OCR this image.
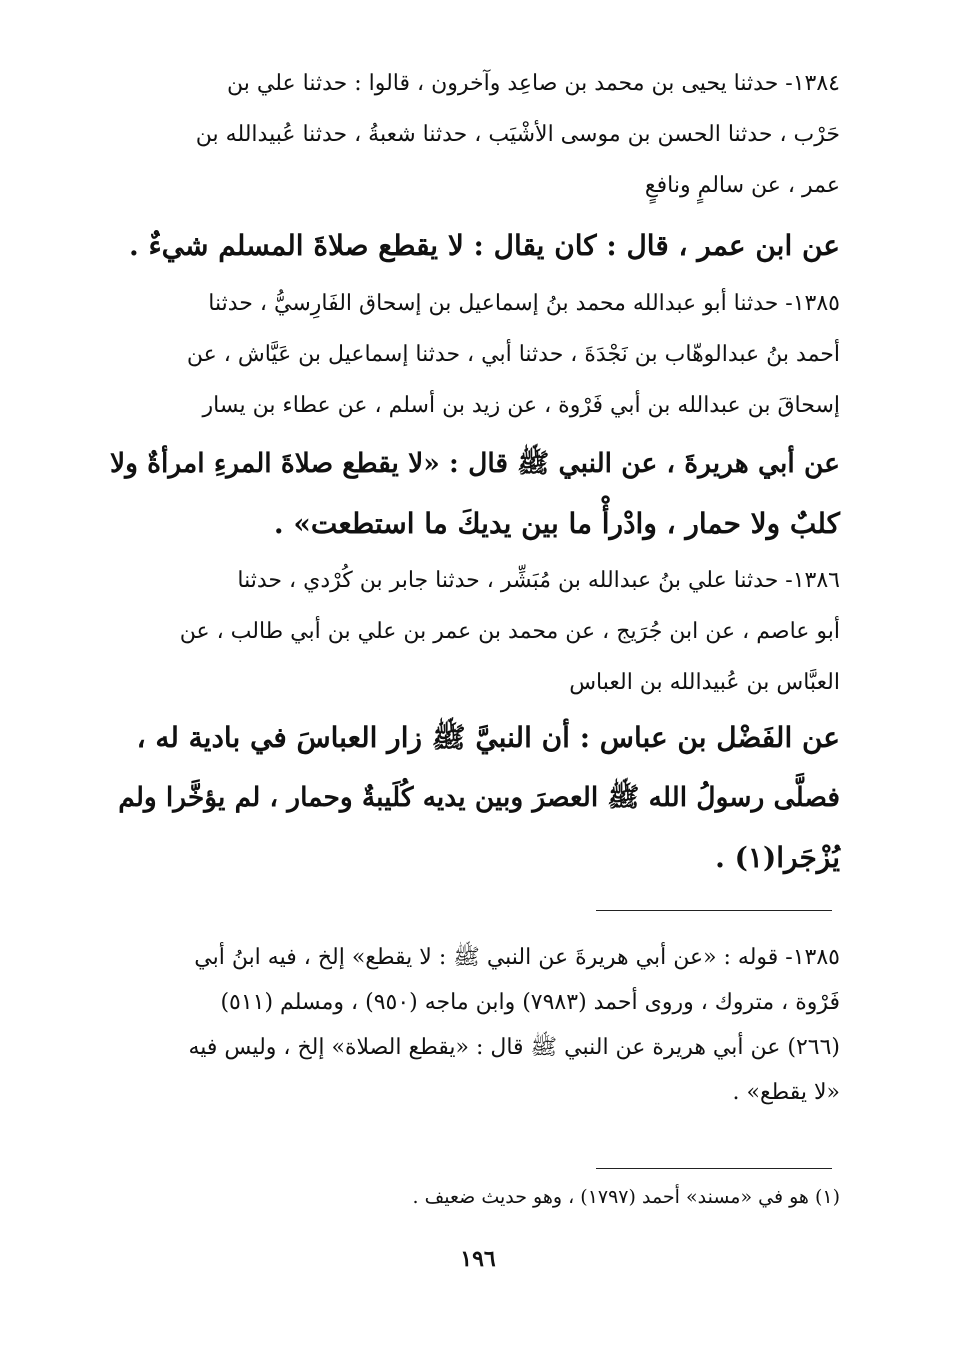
١٣٨٤- حدثنا يحيى بن محمد بن صاعِد وآخرون ، قالوا : حدثنا علي بن
حَرْب ، حدثنا الحسن بن موسى الأشْيَب ، حدثنا شعبةُ ، حدثنا عُبيدالله بن
عمر ، عن سالمٍ ونافعٍ

عن ابن عمر ، قال : كان يقال : لا يقطع صلاةَ المسلم شيءٌ .

١٣٨٥- حدثنا أبو عبدالله محمد بنُ إسماعيل بن إسحاق الفَارِسيُّ ، حدثنا
أحمد بنُ عبدالوهّاب بن نَجْدَةَ ، حدثنا أبي ، حدثنا إسماعيل بن عَيَّاش ، عن
إسحاقَ بن عبدالله بن أبي فَرْوة ، عن زيد بن أسلم ، عن عطاء بن يسار

عن أبي هريرةَ ، عن النبي ﷺ قال : «لا يقطع صلاةَ المرءِ امرأةٌ ولا
كلبٌ ولا حمار ، وادْرأْ ما بين يديكَ ما استطعت» .

١٣٨٦- حدثنا علي بنُ عبدالله بن مُبَشِّر ، حدثنا جابر بن كُرْدي ، حدثنا
أبو عاصم ، عن ابن جُرَيج ، عن محمد بن عمر بن علي بن أبي طالب ، عن
العبَّاس بن عُبيدالله بن العباس

عن الفَضْل بن عباس : أن النبيَّ ﷺ زار العباسَ في بادية له ،
فصلَّى رسولُ الله ﷺ العصرَ وبين يديه كُلَيبةٌ وحمار ، لم يؤخَّرا ولم
يُزْجَرا(١) .

١٣٨٥- قوله : «عن أبي هريرةَ عن النبي ﷺ : لا يقطع» إلخ ، فيه ابنُ أبي
فَرْوة ، متروك ، وروى أحمد (٧٩٨٣) وابن ماجه (٩٥٠) ، ومسلم (٥١١)
(٢٦٦) عن أبي هريرة عن النبي ﷺ قال : «يقطع الصلاة» إلخ ، وليس فيه
«لا يقطع» .

(١) هو في «مسند» أحمد (١٧٩٧) ، وهو حديث ضعيف .

١٩٦
